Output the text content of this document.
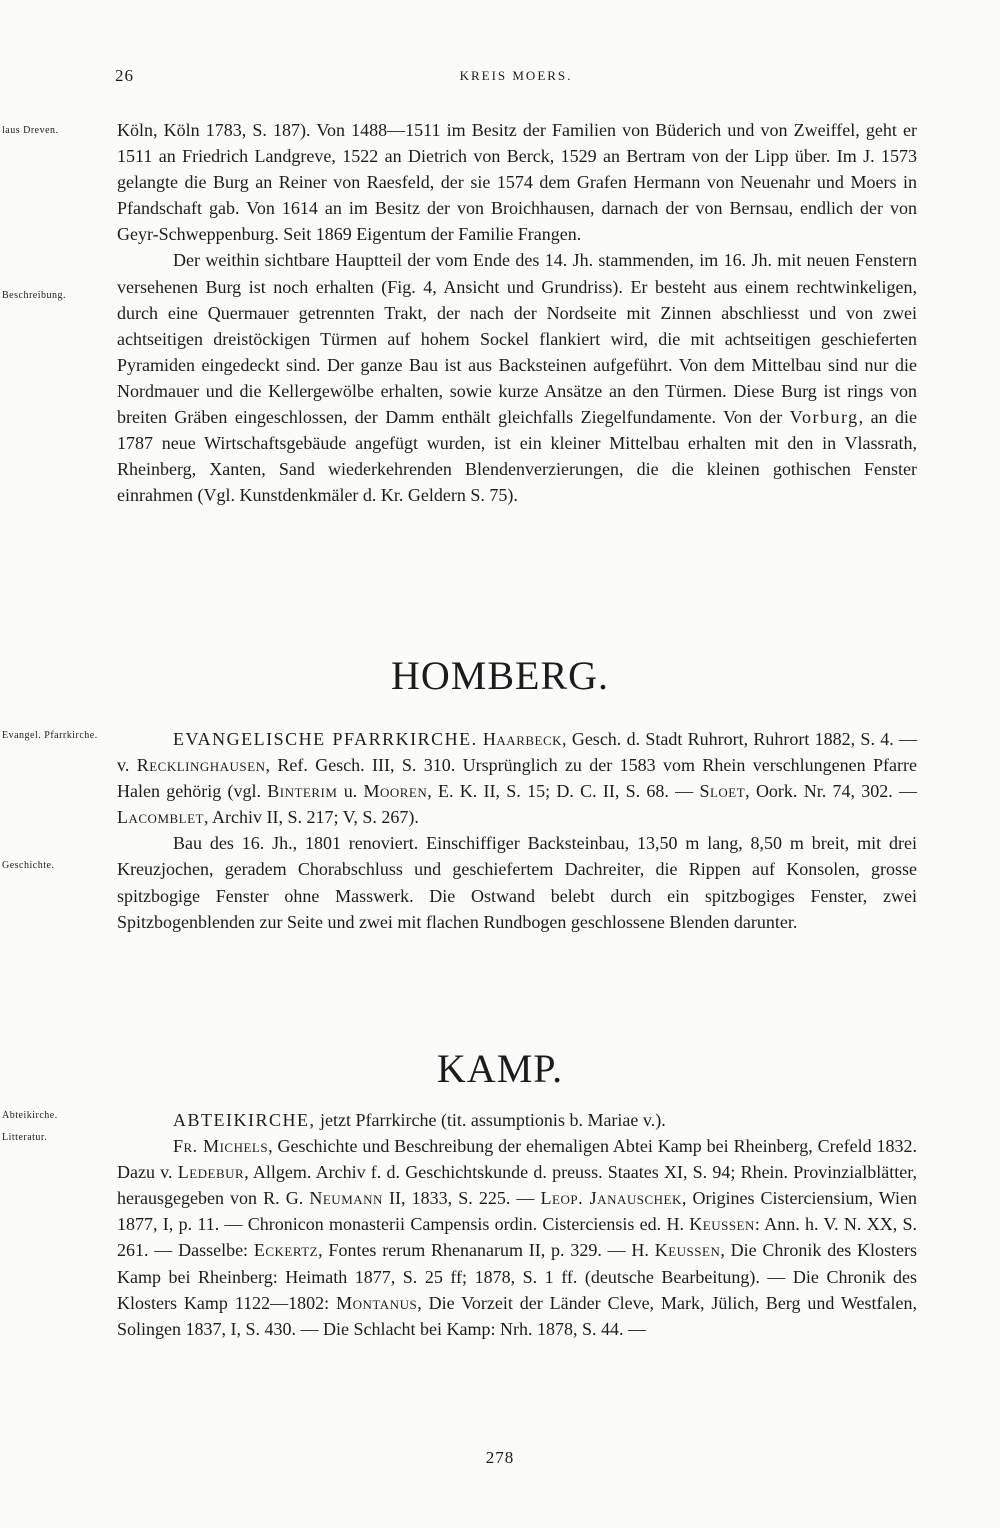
26	KREIS MOERS.
laus Dreven.
Beschreibung.
Evangel. Pfarrkirche.
Geschichte.
Abteikirche.
Litteratur.

Köln, Köln 1783, S. 187). Von 1488—1511 im Besitz der Familien von Büderich und von Zweiffel, geht er 1511 an Friedrich Landgreve, 1522 an Dietrich von Berck, 1529 an Bertram von der Lipp über. Im J. 1573 gelangte die Burg an Reiner von Raesfeld, der sie 1574 dem Grafen Hermann von Neuenahr und Moers in Pfandschaft gab. Von 1614 an im Besitz der von Broichhausen, darnach der von Bernsau, endlich der von Geyr-Schweppenburg. Seit 1869 Eigentum der Familie Frangen.

Der weithin sichtbare Hauptteil der vom Ende des 14. Jh. stammenden, im 16. Jh. mit neuen Fenstern versehenen Burg ist noch erhalten (Fig. 4, Ansicht und Grundriss). Er besteht aus einem rechtwinkeligen, durch eine Quermauer getrennten Trakt, der nach der Nordseite mit Zinnen abschliesst und von zwei achtseitigen dreistöckigen Türmen auf hohem Sockel flankiert wird, die mit achtseitigen geschieferten Pyramiden eingedeckt sind. Der ganze Bau ist aus Backsteinen aufgeführt. Von dem Mittelbau sind nur die Nordmauer und die Kellergewölbe erhalten, sowie kurze Ansätze an den Türmen. Diese Burg ist rings von breiten Gräben eingeschlossen, der Damm enthält gleichfalls Ziegelfundamente. Von der Vorburg, an die 1787 neue Wirtschaftsgebäude angefügt wurden, ist ein kleiner Mittelbau erhalten mit den in Vlassrath, Rheinberg, Xanten, Sand wiederkehrenden Blendenverzierungen, die die kleinen gothischen Fenster einrahmen (Vgl. Kunstdenkmäler d. Kr. Geldern S. 75).

HOMBERG.

EVANGELISCHE PFARRKIRCHE. Haarbeck, Gesch. d. Stadt Ruhrort, Ruhrort 1882, S. 4. — v. Recklinghausen, Ref. Gesch. III, S. 310. Ursprünglich zu der 1583 vom Rhein verschlungenen Pfarre Halen gehörig (vgl. Binterim u. Mooren, E. K. II, S. 15; D. C. II, S. 68. — Sloet, Oork. Nr. 74, 302. — Lacomblet, Archiv II, S. 217; V, S. 267).

Bau des 16. Jh., 1801 renoviert. Einschiffiger Backsteinbau, 13,50 m lang, 8,50 m breit, mit drei Kreuzjochen, geradem Chorabschluss und geschiefertem Dachreiter, die Rippen auf Konsolen, grosse spitzbogige Fenster ohne Masswerk. Die Ostwand belebt durch ein spitzbogiges Fenster, zwei Spitzbogenblenden zur Seite und zwei mit flachen Rundbogen geschlossene Blenden darunter.

KAMP.

ABTEIKIRCHE, jetzt Pfarrkirche (tit. assumptionis b. Mariae v.).

Fr. Michels, Geschichte und Beschreibung der ehemaligen Abtei Kamp bei Rheinberg, Crefeld 1832. Dazu v. Ledebur, Allgem. Archiv f. d. Geschichtskunde d. preuss. Staates XI, S. 94; Rhein. Provinzialblätter, herausgegeben von R. G. Neumann II, 1833, S. 225. — Leop. Janauschek, Origines Cisterciensium, Wien 1877, I, p. 11. — Chronicon monasterii Campensis ordin. Cisterciensis ed. H. Keussen: Ann. h. V. N. XX, S. 261. — Dasselbe: Eckertz, Fontes rerum Rhenanarum II, p. 329. — H. Keussen, Die Chronik des Klosters Kamp bei Rheinberg: Heimath 1877, S. 25 ff; 1878, S. 1 ff. (deutsche Bearbeitung). — Die Chronik des Klosters Kamp 1122—1802: Montanus, Die Vorzeit der Länder Cleve, Mark, Jülich, Berg und Westfalen, Solingen 1837, I, S. 430. — Die Schlacht bei Kamp: Nrh. 1878, S. 44. —

278
